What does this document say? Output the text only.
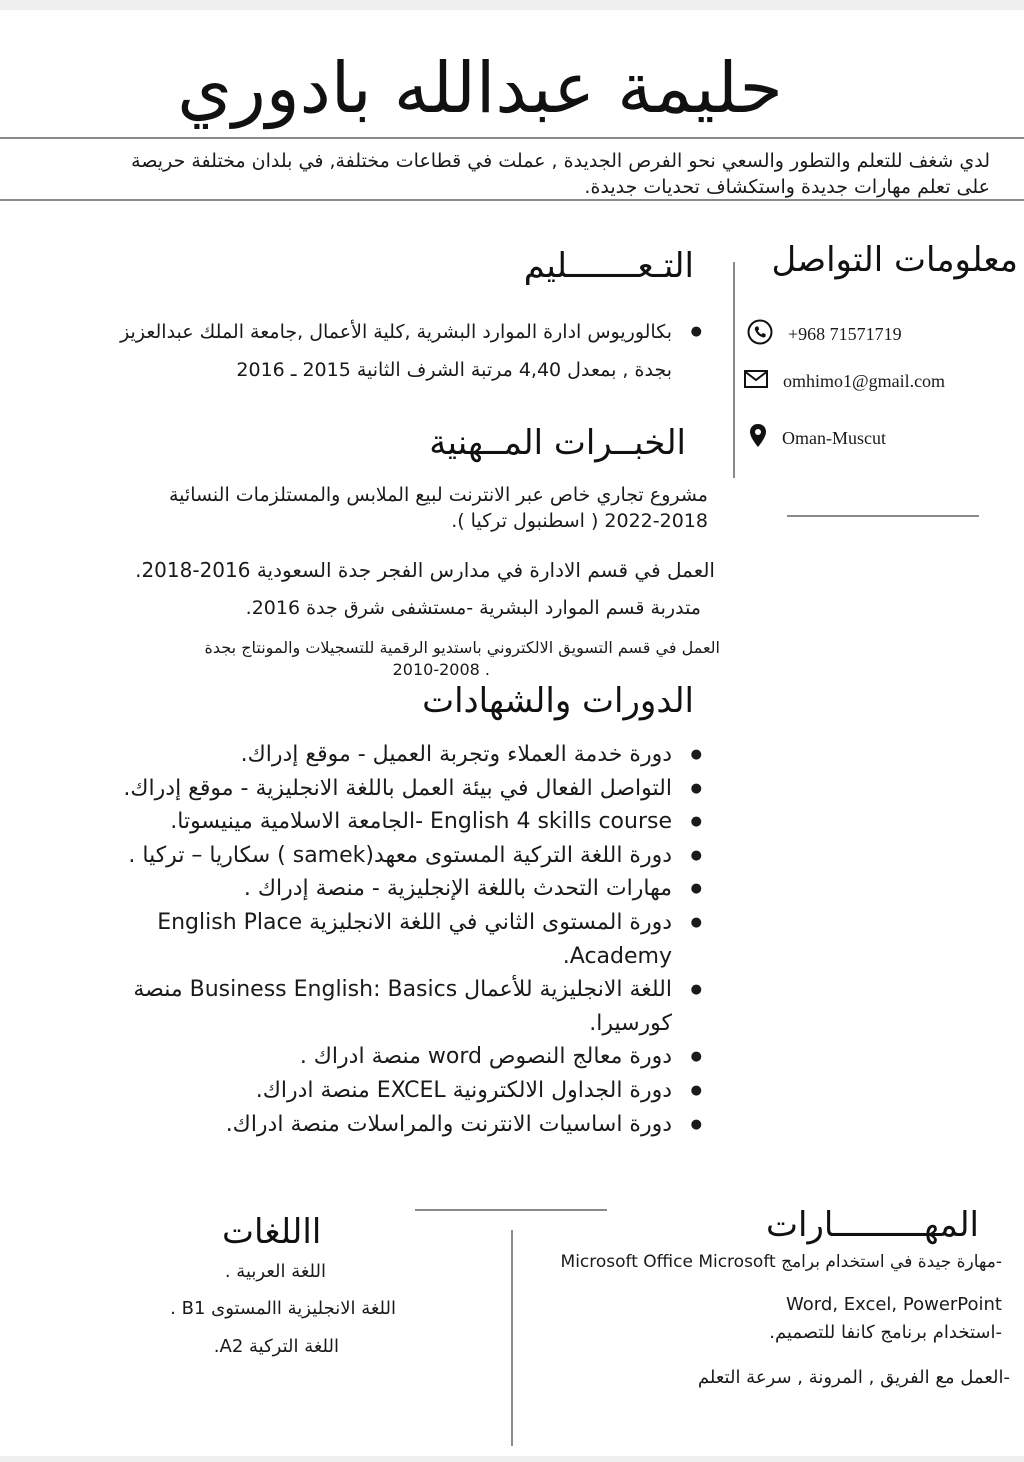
حليمة عبدالله بادوري
لدي شغف للتعلم والتطور والسعي نحو الفرص الجديدة , عملت في قطاعات مختلفة, في بلدان مختلفة حريصة
على تعلم مهارات جديدة واستكشاف تحديات جديدة.
معلومات التواصل
+968 71571719
omhimo1@gmail.com
Oman-Muscut
التـعـــــــليم
● بكالوريوس ادارة الموارد البشرية ,كلية الأعمال ,جامعة الملك عبدالعزيز
بجدة , بمعدل 4,40 مرتبة الشرف الثانية 2015 ـ 2016
الخبــرات المــهنية
مشروع تجاري خاص عبر الانترنت لبيع الملابس والمستلزمات النسائية
2022-2018 ( اسطنبول تركيا ).
العمل في قسم الادارة في مدارس الفجر جدة السعودية 2016-2018.
متدربة قسم الموارد البشرية -مستشفى شرق جدة 2016.
العمل في قسم التسويق الالكتروني باستديو الرقمية للتسجيلات والمونتاج بجدة
. 2010-2008
الدورات والشهادات
● دورة خدمة العملاء وتجربة العميل - موقع إدراك.
● التواصل الفعال في بيئة العمل باللغة الانجليزية - موقع إدراك.
● English 4 skills course -الجامعة الاسلامية مينيسوتا.
● دورة اللغة التركية المستوى معهد(samek ) سكاريا – تركيا .
● مهارات التحدث باللغة الإنجليزية - منصة إدراك .
● دورة المستوى الثاني في اللغة الانجليزية English Place Academy.
● اللغة الانجليزية للأعمال Business English: Basics منصة كورسيرا.
● دورة معالج النصوص word منصة ادراك .
● دورة الجداول الالكترونية EXCEL منصة ادراك.
● دورة اساسيات الانترنت والمراسلات منصة ادراك.
المهـــــــــارات
-مهارة جيدة في استخدام برامج Microsoft Office Microsoft
Word, Excel, PowerPoint
-استخدام برنامج كانفا للتصميم.
-العمل مع الفريق , المرونة , سرعة التعلم
االلغات
اللغة العربية .
اللغة الانجليزية االمستوى B1 .
اللغة التركية A2.
